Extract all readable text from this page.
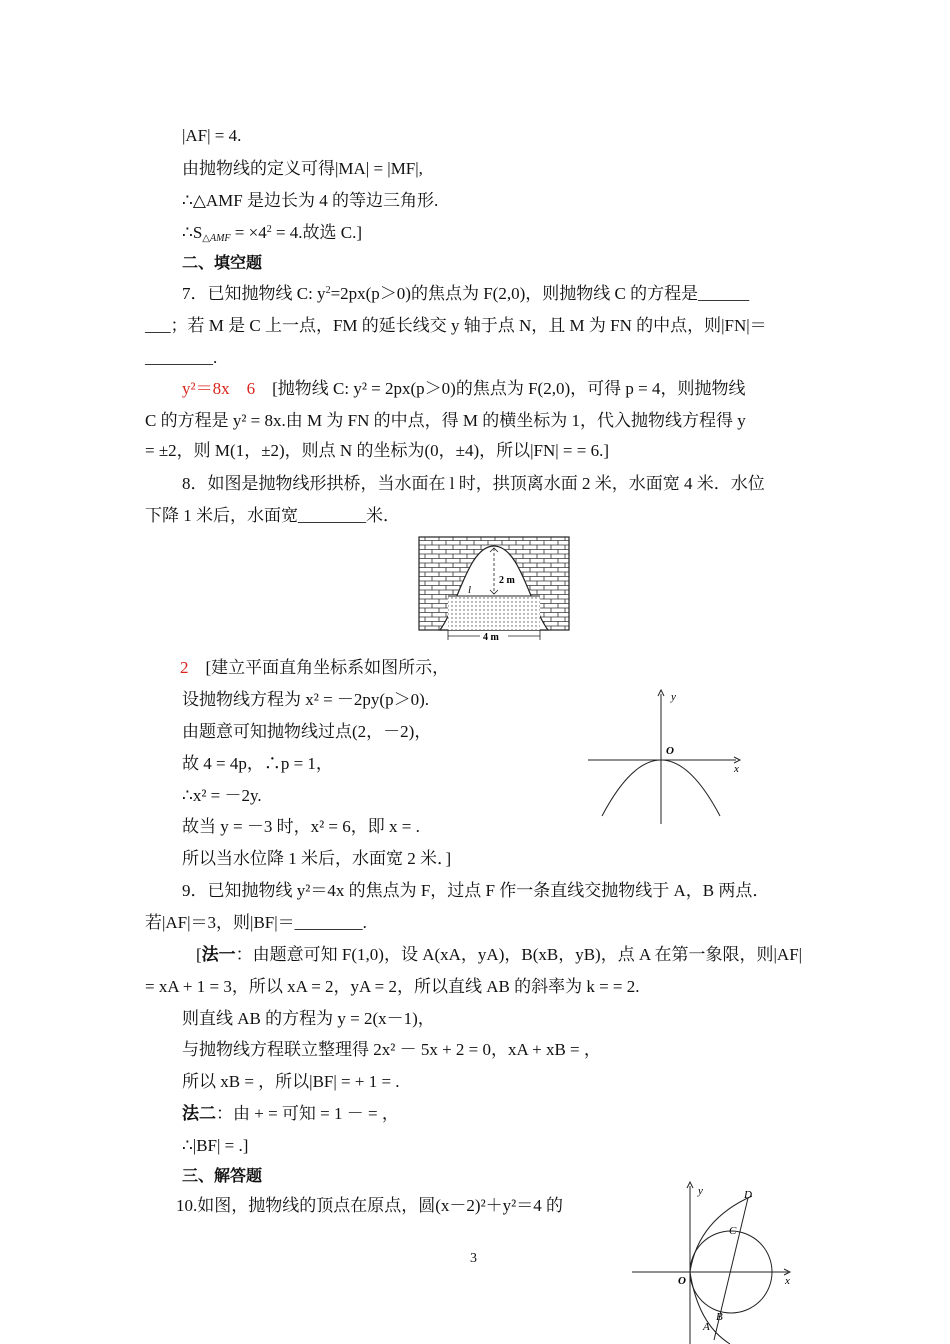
|AF| = 4.
由抛物线的定义可得|MA| = |MF|,
∴△AMF 是边长为 4 的等边三角形.
$\therefore S_{\triangle AMF} = \times 4^2 = 4$.故选 C.]
二、填空题
7．已知抛物线 C: $y^2=2px(p>0)$的焦点为 F(2,0)，则抛物线 C 的方程是______
___；若 M 是 C 上一点，FM 的延长线交 y 轴于点 N，且 M 为 FN 的中点，则|FN|＝
________.
y²＝8x　6　 [抛物线 C: y² = 2px(p＞0)的焦点为 F(2,0)，可得 p = 4，则抛物线
C 的方程是 y² = 8x.由 M 为 FN 的中点，得 M 的横坐标为 1，代入抛物线方程得 y
= ±2，则 M(1，±2)，则点 N 的坐标为(0，±4)，所以|FN| = = 6.]
8．如图是抛物线形拱桥，当水面在 l 时，拱顶离水面 2 米，水面宽 4 米．水位
下降 1 米后，水面宽________米．
2 m
l
4 m
2　 [建立平面直角坐标系如图所示，
设抛物线方程为 x² = －2py(p＞0).
由题意可知抛物线过点(2，－2)，
故 4 = 4p，∴p = 1，
∴x² = －2y.
故当 y = －3 时，x² = 6，即 x = .
所以当水位降 1 米后，水面宽 2 米．]
y
x
O
9．已知抛物线 y²＝4x 的焦点为 F，过点 F 作一条直线交抛物线于 A，B 两点．
若|AF|＝3，则|BF|＝________.
[法一：由题意可知 F(1,0)，设 A(xA，yA)，B(xB，yB)，点 A 在第一象限，则|AF|
= xA + 1 = 3，所以 xA = 2，yA = 2，所以直线 AB 的斜率为 k = = 2.
则直线 AB 的方程为 y = 2(x－1)，
与抛物线方程联立整理得 2x² － 5x + 2 = 0，xA + xB = ，
所以 xB = ，所以|BF| = + 1 = .
法二：由 + = 可知 = 1 － = ，
∴|BF| = .]
三、解答题
10.如图，抛物线的顶点在原点，圆(x－2)²＋y²＝4 的
3
y
x
O
D
C
B
A
